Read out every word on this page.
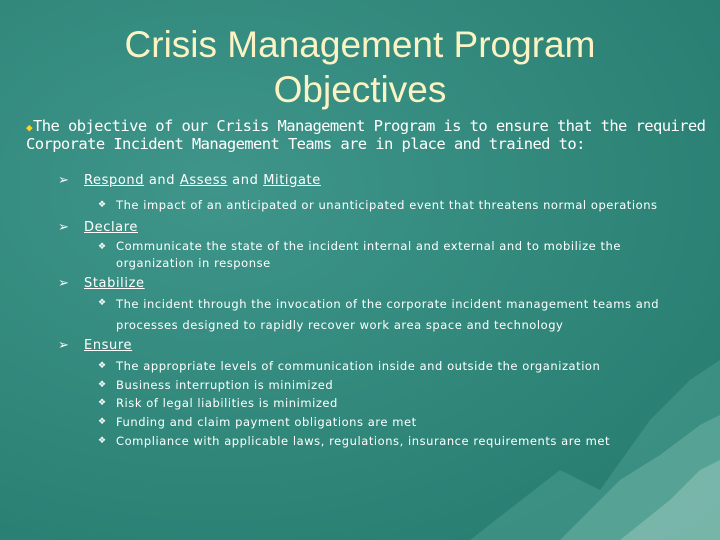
Crisis Management Program
Objectives

◆The objective of our Crisis Management Program is to ensure that the required Corporate Incident Management Teams are in place and trained to:

➢ Respond and Assess and Mitigate
❖ The impact of an anticipated or unanticipated event that threatens normal operations
➢ Declare
❖ Communicate the state of the incident internal and external and to mobilize the organization in response
➢ Stabilize
❖ The incident through the invocation of the corporate incident management teams and processes designed to rapidly recover work area space and technology
➢ Ensure
❖ The appropriate levels of communication inside and outside the organization
❖ Business interruption is minimized
❖ Risk of legal liabilities is minimized
❖ Funding and claim payment obligations are met
❖ Compliance with applicable laws, regulations, insurance requirements are met
